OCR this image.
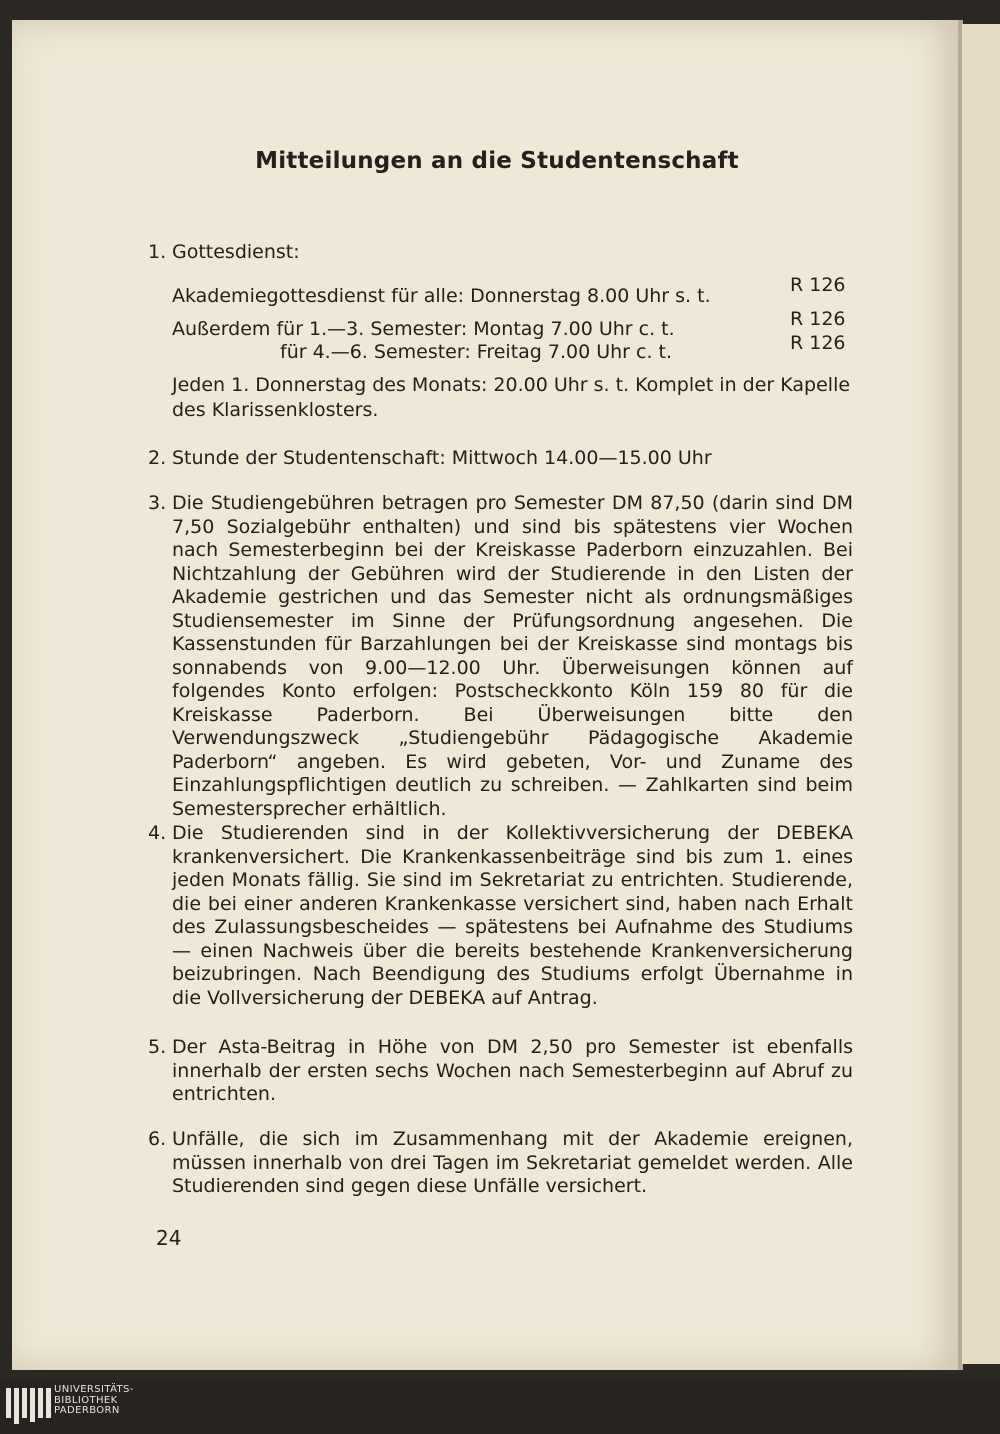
Mitteilungen an die Studentenschaft
1. Gottesdienst:
Akademiegottesdienst für alle: Donnerstag 8.00 Uhr s. t.	R 126
Außerdem für 1.—3. Semester: Montag 7.00 Uhr c. t.	R 126
für 4.—6. Semester: Freitag 7.00 Uhr c. t.	R 126
Jeden 1. Donnerstag des Monats: 20.00 Uhr s. t. Komplet in der Kapelle
des Klarissenklosters.
2. Stunde der Studentenschaft: Mittwoch 14.00—15.00 Uhr
3. Die Studiengebühren betragen pro Semester DM 87,50 (darin sind DM 7,50 Sozialgebühr enthalten) und sind bis spätestens vier Wochen nach Semesterbeginn bei der Kreiskasse Paderborn einzuzahlen. Bei Nichtzahlung der Gebühren wird der Studierende in den Listen der Akademie gestrichen und das Semester nicht als ordnungsmäßiges Studiensemester im Sinne der Prüfungsordnung angesehen. Die Kassenstunden für Barzahlungen bei der Kreiskasse sind montags bis sonnabends von 9.00—12.00 Uhr. Überweisungen können auf folgendes Konto erfolgen: Postscheckkonto Köln 159 80 für die Kreiskasse Paderborn. Bei Überweisungen bitte den Verwendungszweck „Studiengebühr Pädagogische Akademie Paderborn“ angeben. Es wird gebeten, Vor- und Zuname des Einzahlungspflichtigen deutlich zu schreiben. — Zahlkarten sind beim Semestersprecher erhältlich.
4. Die Studierenden sind in der Kollektivversicherung der DEBEKA krankenversichert. Die Krankenkassenbeiträge sind bis zum 1. eines jeden Monats fällig. Sie sind im Sekretariat zu entrichten. Studierende, die bei einer anderen Krankenkasse versichert sind, haben nach Erhalt des Zulassungsbescheides — spätestens bei Aufnahme des Studiums — einen Nachweis über die bereits bestehende Krankenversicherung beizubringen. Nach Beendigung des Studiums erfolgt Übernahme in die Vollversicherung der DEBEKA auf Antrag.
5. Der Asta-Beitrag in Höhe von DM 2,50 pro Semester ist ebenfalls innerhalb der ersten sechs Wochen nach Semesterbeginn auf Abruf zu entrichten.
6. Unfälle, die sich im Zusammenhang mit der Akademie ereignen, müssen innerhalb von drei Tagen im Sekretariat gemeldet werden. Alle Studierenden sind gegen diese Unfälle versichert.
24
UNIVERSITÄTS-
BIBLIOTHEK
PADERBORN
